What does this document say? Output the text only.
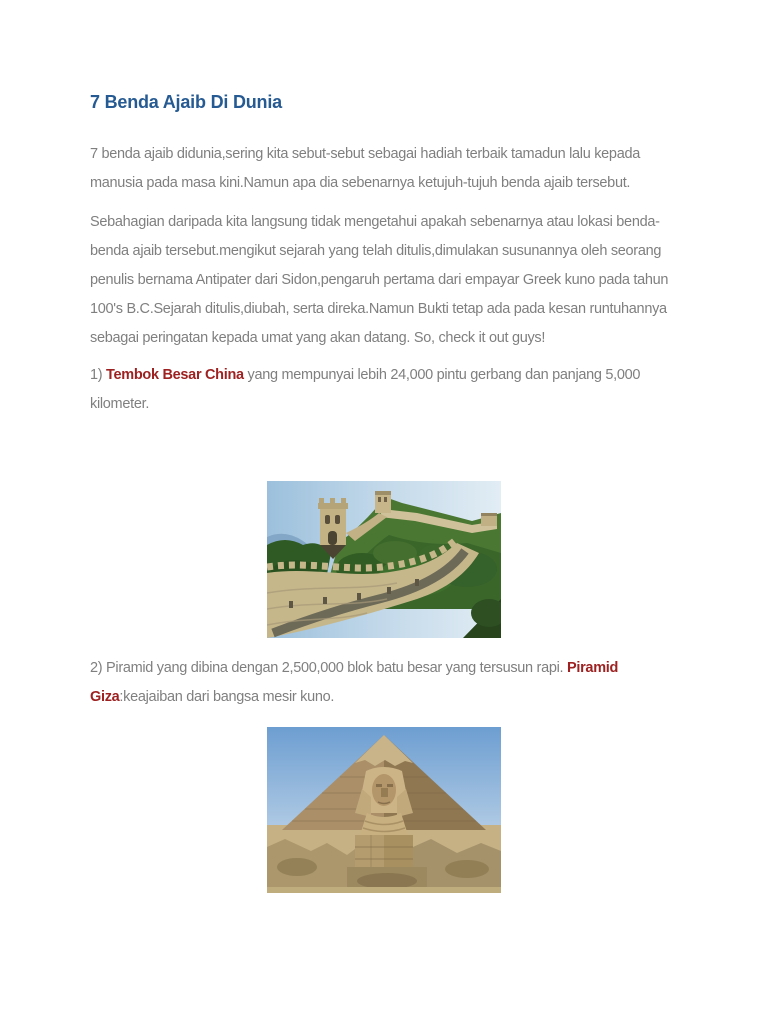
7 Benda Ajaib Di Dunia

7 benda ajaib didunia,sering kita sebut-sebut sebagai hadiah terbaik tamadun lalu kepada manusia pada masa kini.Namun apa dia sebenarnya ketujuh-tujuh benda ajaib tersebut.

Sebahagian daripada kita langsung tidak mengetahui apakah sebenarnya atau lokasi benda-benda ajaib tersebut.mengikut sejarah yang telah ditulis,dimulakan susunannya oleh seorang penulis bernama Antipater dari Sidon,pengaruh pertama dari empayar Greek kuno pada tahun 100's B.C.Sejarah ditulis,diubah, serta direka.Namun Bukti tetap ada pada kesan runtuhannya sebagai peringatan kepada umat yang akan datang. So, check it out guys!

1) Tembok Besar China yang mempunyai lebih 24,000 pintu gerbang dan panjang 5,000 kilometer.

2) Piramid yang dibina dengan 2,500,000 blok batu besar yang tersusun rapi. Piramid Giza:keajaiban dari bangsa mesir kuno.
